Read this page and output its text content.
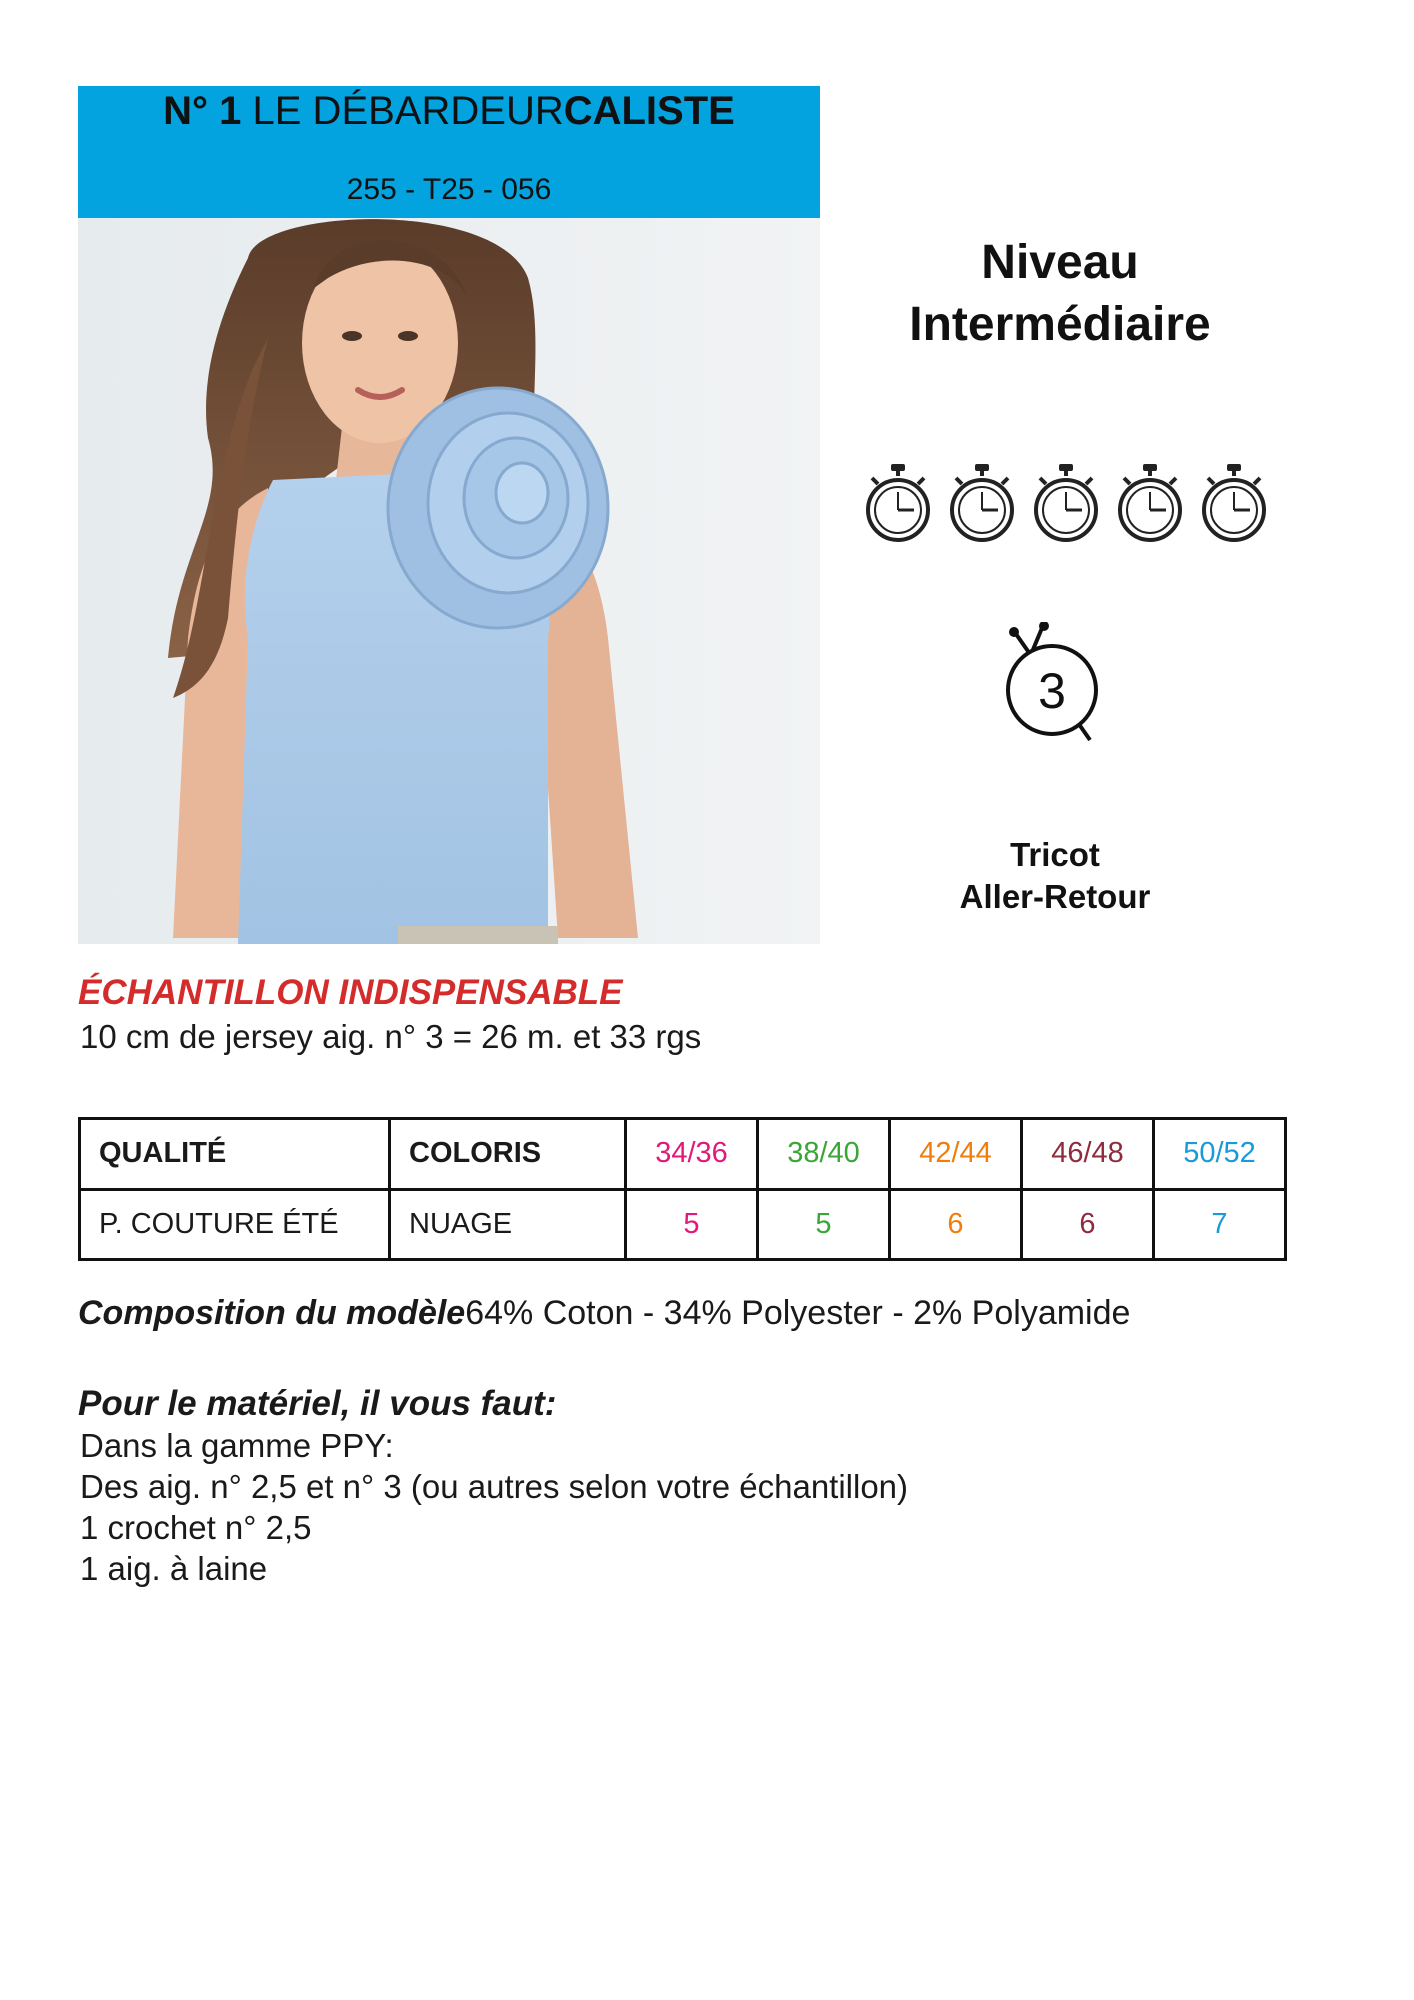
N° 1 LE DÉBARDEURCALISTE
255 - T25 - 056
Niveau
Intermédiaire
3
Tricot
Aller-Retour
ÉCHANTILLON INDISPENSABLE
10 cm de jersey aig. n° 3 = 26 m. et 33 rgs
QUALITÉ	COLORIS	34/36	38/40	42/44	46/48	50/52
P. COUTURE ÉTÉ	NUAGE	5	5	6	6	7
Composition du modèle64% Coton - 34% Polyester - 2% Polyamide
Pour le matériel, il vous faut:
Dans la gamme PPY:
Des aig. n° 2,5 et n° 3 (ou autres selon votre échantillon)
1 crochet n° 2,5
1 aig. à laine
